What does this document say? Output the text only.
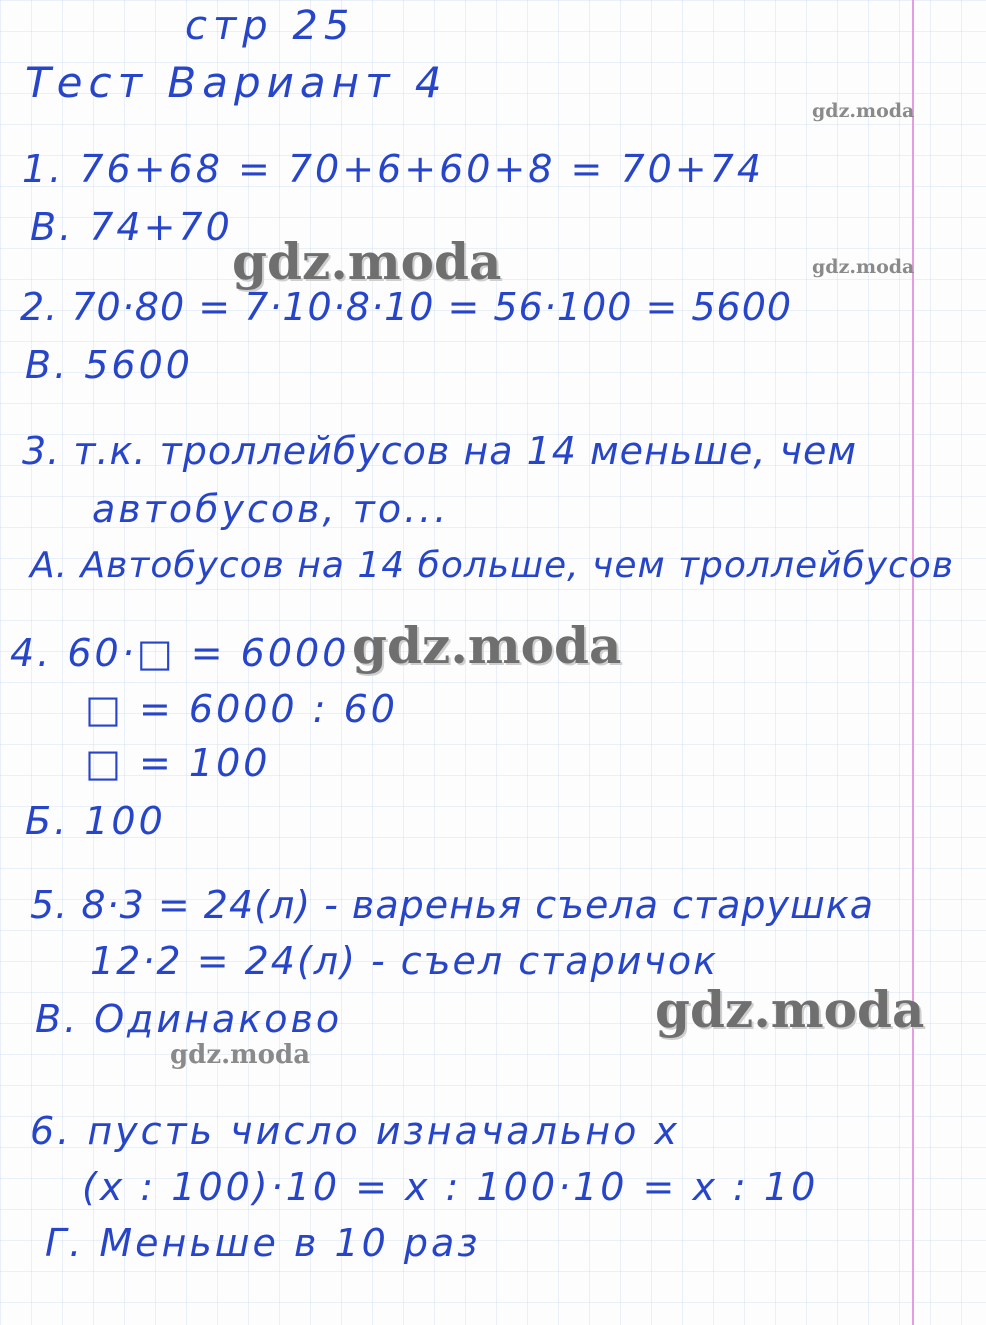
стр 25

Тест Вариант 4

1. 76+68 = 70+6+60+8 = 70+74

В. 74+70

2. 70·80 = 7·10·8·10 = 56·100 = 5600

В. 5600

3. т.к. троллейбусов на 14 меньше, чем

автобусов, то...

А. Автобусов на 14 больше, чем троллейбусов

4. 60·□ = 6000

□ = 6000 : 60

□ = 100

Б. 100

5. 8·3 = 24(л) - варенья съела старушка

12·2 = 24(л) - съел старичок

В. Одинаково

6. пусть число изначально x

(x : 100)·10 = x : 100·10 = x : 10

Г. Меньше в 10 раз

gdz.moda
gdz.moda	gdz.moda
gdz.moda
gdz.moda
gdz.moda
